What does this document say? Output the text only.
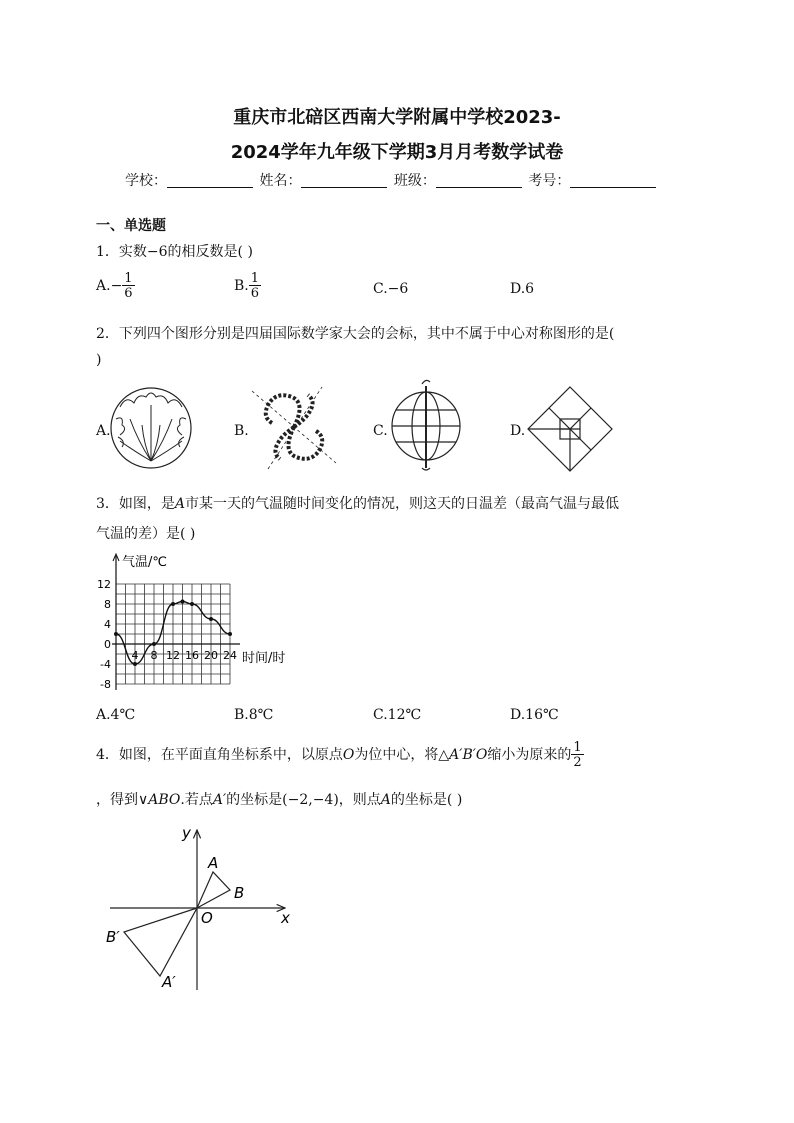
重庆市北碚区西南大学附属中学校2023-
2024学年九年级下学期3月月考数学试卷
学校：	姓名：	班级：	考号：
一、单选题
1．实数−6的相反数是( )
$A.- \frac{1}{6}$	B. $\frac{1}{6}$	C.−6	D.6
2．下列四个图形分别是四届国际数学家大会的会标，其中不属于中心对称图形的是(
)
A.	B.	C.	D.
3．如图，是A市某一天的气温随时间变化的情况，则这天的日温差（最高气温与最低
气温的差）是( )
12
8
4
0
-4
-8
4 8 12 16 20 24
气温/℃
时间/时
A.4℃	B.8℃	C.12℃	D.16℃
4．如图，在平面直角坐标系中，以原点O为位中心，将△A′B′O缩小为原来的 $\frac{1}{2}$
，得到∨ABO.若点A′的坐标是(−2,−4)，则点A的坐标是( )
y
x
O
A
B
B′
A′
